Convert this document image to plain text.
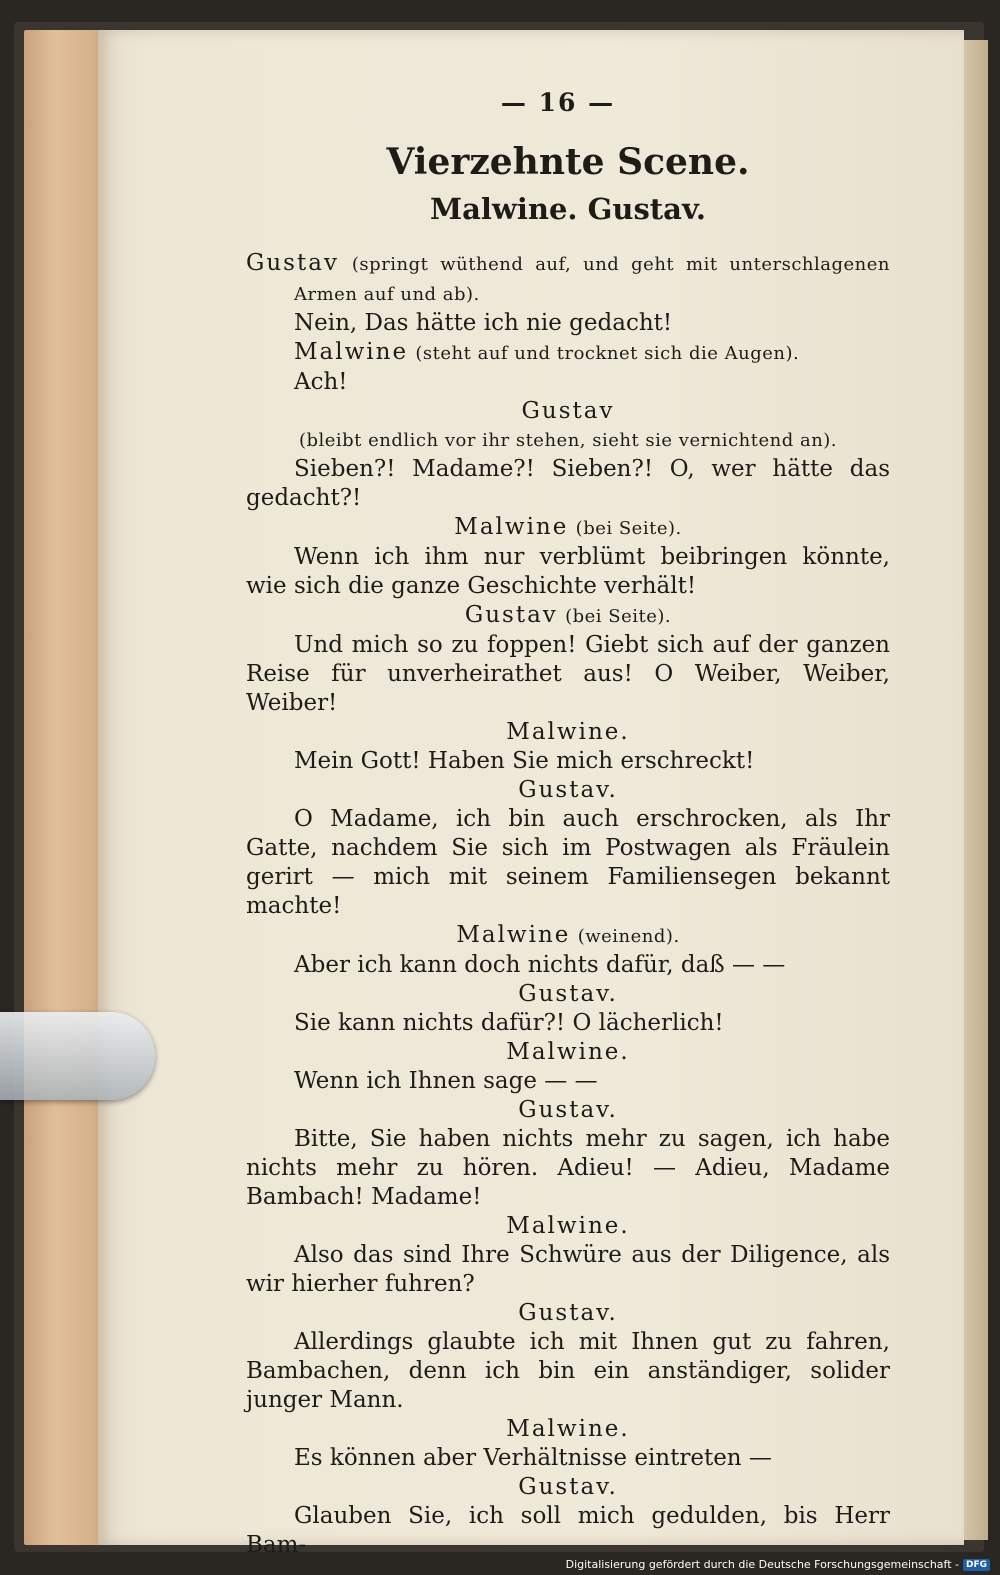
— 16 —
Vierzehnte Scene.
Malwine. Gustav.

Gustav (springt wüthend auf, und geht mit unterschlagenen Armen auf und ab).

Nein, Das hätte ich nie gedacht!

Malwine (steht auf und trocknet sich die Augen).

Ach!

Gustav

(bleibt endlich vor ihr stehen, sieht sie vernichtend an).

Sieben?! Madame?! Sieben?! O, wer hätte das gedacht?!

Malwine (bei Seite).

Wenn ich ihm nur verblümt beibringen könnte, wie sich die ganze Geschichte verhält!

Gustav (bei Seite).

Und mich so zu foppen! Giebt sich auf der ganzen Reise für unverheirathet aus! O Weiber, Weiber, Weiber!

Malwine.

Mein Gott! Haben Sie mich erschreckt!

Gustav.

O Madame, ich bin auch erschrocken, als Ihr Gatte, nachdem Sie sich im Postwagen als Fräulein gerirt — mich mit seinem Familiensegen bekannt machte!

Malwine (weinend).

Aber ich kann doch nichts dafür, daß — —

Gustav.

Sie kann nichts dafür?! O lächerlich!

Malwine.

Wenn ich Ihnen sage — —

Gustav.

Bitte, Sie haben nichts mehr zu sagen, ich habe nichts mehr zu hören. Adieu! — Adieu, Madame Bambach! Madame!

Malwine.

Also das sind Ihre Schwüre aus der Diligence, als wir hierher fuhren?

Gustav.

Allerdings glaubte ich mit Ihnen gut zu fahren, Bambachen, denn ich bin ein anständiger, solider junger Mann.

Malwine.

Es können aber Verhältnisse eintreten —

Gustav.

Glauben Sie, ich soll mich gedulden, bis Herr Bam-

Digitalisierung gefördert durch die Deutsche Forschungsgemeinschaft - DFG
